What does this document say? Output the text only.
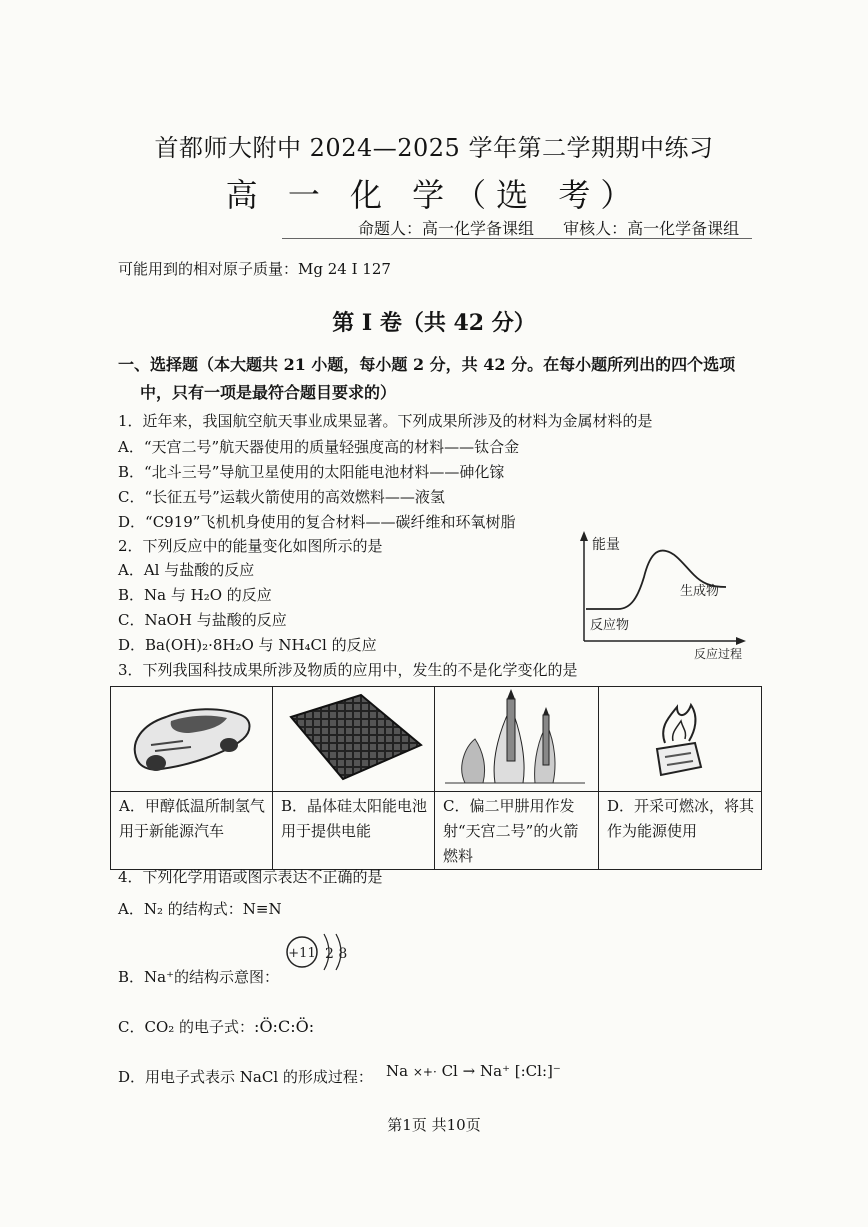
首都师大附中 2024—2025 学年第二学期期中练习
高 一 化 学（选 考）
命题人：高一化学备课组 审核人：高一化学备课组
可能用到的相对原子质量：Mg 24 I 127
第 I 卷（共 42 分）
一、选择题（本大题共 21 小题，每小题 2 分，共 42 分。在每小题所列出的四个选项
中，只有一项是最符合题目要求的）
1．近年来，我国航空航天事业成果显著。下列成果所涉及的材料为金属材料的是
A．“天宫二号”航天器使用的质量轻强度高的材料——钛合金
B．“北斗三号”导航卫星使用的太阳能电池材料——砷化镓
C．“长征五号”运载火箭使用的高效燃料——液氢
D．“C919”飞机机身使用的复合材料——碳纤维和环氧树脂
2．下列反应中的能量变化如图所示的是
A．Al 与盐酸的反应
B．Na 与 H₂O 的反应
C．NaOH 与盐酸的反应
D．Ba(OH)₂·8H₂O 与 NH₄Cl 的反应
能量
生成物
反应物
反应过程
3．下列我国科技成果所涉及物质的应用中，发生的不是化学变化的是

A．甲醇低温所制氢气用于新能源汽车	B．晶体硅太阳能电池用于提供电能	C．偏二甲肼用作发射“天宫二号”的火箭燃料	D．开采可燃冰，将其作为能源使用
4．下列化学用语或图示表达不正确的是
A．N₂ 的结构式：N≡N
B．Na⁺的结构示意图：
+11 2 8
C．CO₂ 的电子式：:Ö:C:Ö:
D．用电子式表示 NaCl 的形成过程： Na ×+· Cl → Na⁺ [:Cl:]⁻
第1页 共10页
